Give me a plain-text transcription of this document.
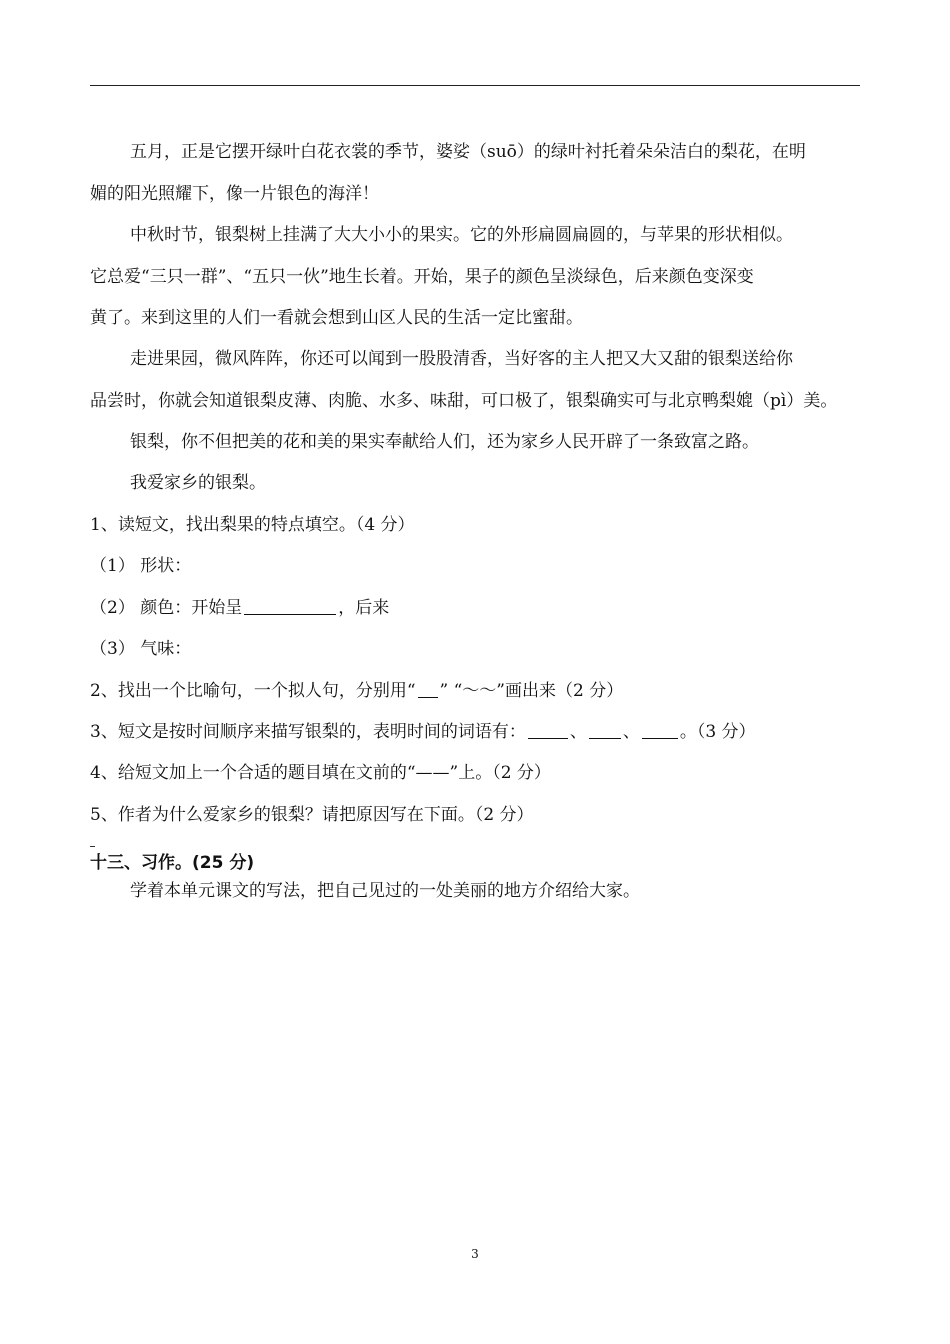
五月，正是它摆开绿叶白花衣裳的季节，婆娑（suō）的绿叶衬托着朵朵洁白的梨花，在明
媚的阳光照耀下，像一片银色的海洋！
中秋时节，银梨树上挂满了大大小小的果实。它的外形扁圆扁圆的，与苹果的形状相似。
它总爱“三只一群”、“五只一伙”地生长着。开始，果子的颜色呈淡绿色，后来颜色变深变
黄了。来到这里的人们一看就会想到山区人民的生活一定比蜜甜。
走进果园，微风阵阵，你还可以闻到一股股清香，当好客的主人把又大又甜的银梨送给你
品尝时，你就会知道银梨皮薄、肉脆、水多、味甜，可口极了，银梨确实可与北京鸭梨媲（pì）美。
银梨，你不但把美的花和美的果实奉献给人们，还为家乡人民开辟了一条致富之路。
我爱家乡的银梨。
1、读短文，找出梨果的特点填空。（4 分）
（1） 形状：
（2） 颜色：开始呈	，后来
（3） 气味：
2、找出一个比喻句，一个拟人句，分别用“ ” “～～”画出来（2 分）
3、短文是按时间顺序来描写银梨的，表明时间的词语有：	、 、 。（3 分）
4、给短文加上一个合适的题目填在文前的“——”上。（2 分）
5、作者为什么爱家乡的银梨？请把原因写在下面。（2 分）
十三、习作。(25 分)
学着本单元课文的写法，把自己见过的一处美丽的地方介绍给大家。
3
